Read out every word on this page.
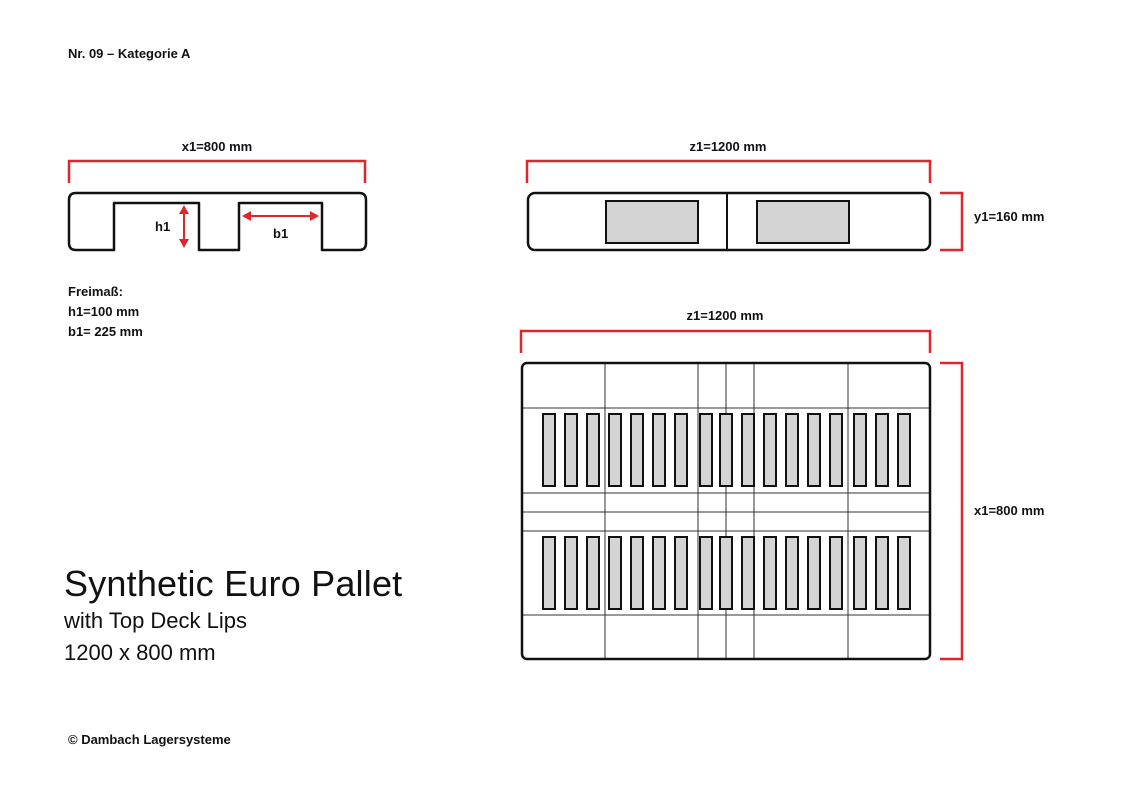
Nr. 09 – Kategorie A
x1=800 mm
h1	b1
z1=1200 mm
y1=160 mm
z1=1200 mm
x1=800 mm
Freimaß:
h1=100 mm
b1= 225 mm
Synthetic Euro Pallet
with Top Deck Lips
1200 x 800 mm
© Dambach Lagersysteme
